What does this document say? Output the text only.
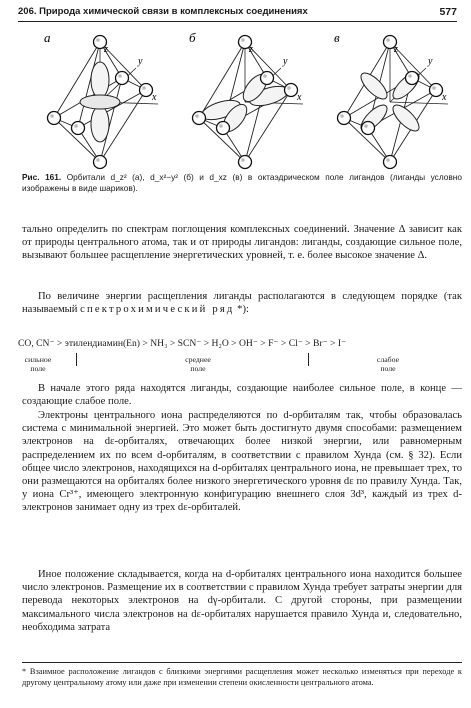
206. Природа химической связи в комплексных соединениях	577
а
z
y
x
б
z
y
x
в
z
y
x
Рис. 161. Орбитали d_z² (а), d_x²−y² (б) и d_xz (в) в октаэдрическом поле лигандов (лиганды условно изображены в виде шариков).

тально определить по спектрам поглощения комплексных соединений. Значение Δ зависит как от природы центрального атома, так и от природы лигандов: лиганды, создающие сильное поле, вызывают большее расщепление энергетических уровней, т. е. более высокое значение Δ.

По величине энергии расщепления лиганды располагаются в следующем порядке (так называемый спектрохимический ряд *):

CO, CN⁻ > этилендиамин(En) > NH₃ > SCN⁻ > H₂O > OH⁻ > F⁻ > Cl⁻ > Br⁻ > I⁻
сильное
поле
среднее
поле
слабое
поле

В начале этого ряда находятся лиганды, создающие наиболее сильное поле, в конце — создающие слабое поле.

Электроны центрального иона распределяются по d-орбиталям так, чтобы образовалась система с минимальной энергией. Это может быть достигнуто двумя способами: размещением электронов на dε-орбиталях, отвечающих более низкой энергии, или равномерным распределением их по всем d-орбиталям, в соответствии с правилом Хунда (см. § 32). Если общее число электронов, находящихся на d-орбиталях центрального иона, не превышает трех, то они размещаются на орбиталях более низкого энергетического уровня dε по правилу Хунда. Так, у иона Cr³⁺, имеющего электронную конфигурацию внешнего слоя 3d³, каждый из трех d-электронов занимает одну из трех dε-орбиталей.

Иное положение складывается, когда на d-орбиталях центрального иона находится большее число электронов. Размещение их в соответствии с правилом Хунда требует затраты энергии для перевода некоторых электронов на dγ-орбитали. С другой стороны, при размещении максимального числа электронов на dε-орбиталях нарушается правило Хунда и, следовательно, необходима затрата

* Взаимное расположение лигандов с близкими энергиями расщепления может несколько изменяться при переходе к другому центральному атому или даже при изменении степени окисленности центрального атома.
